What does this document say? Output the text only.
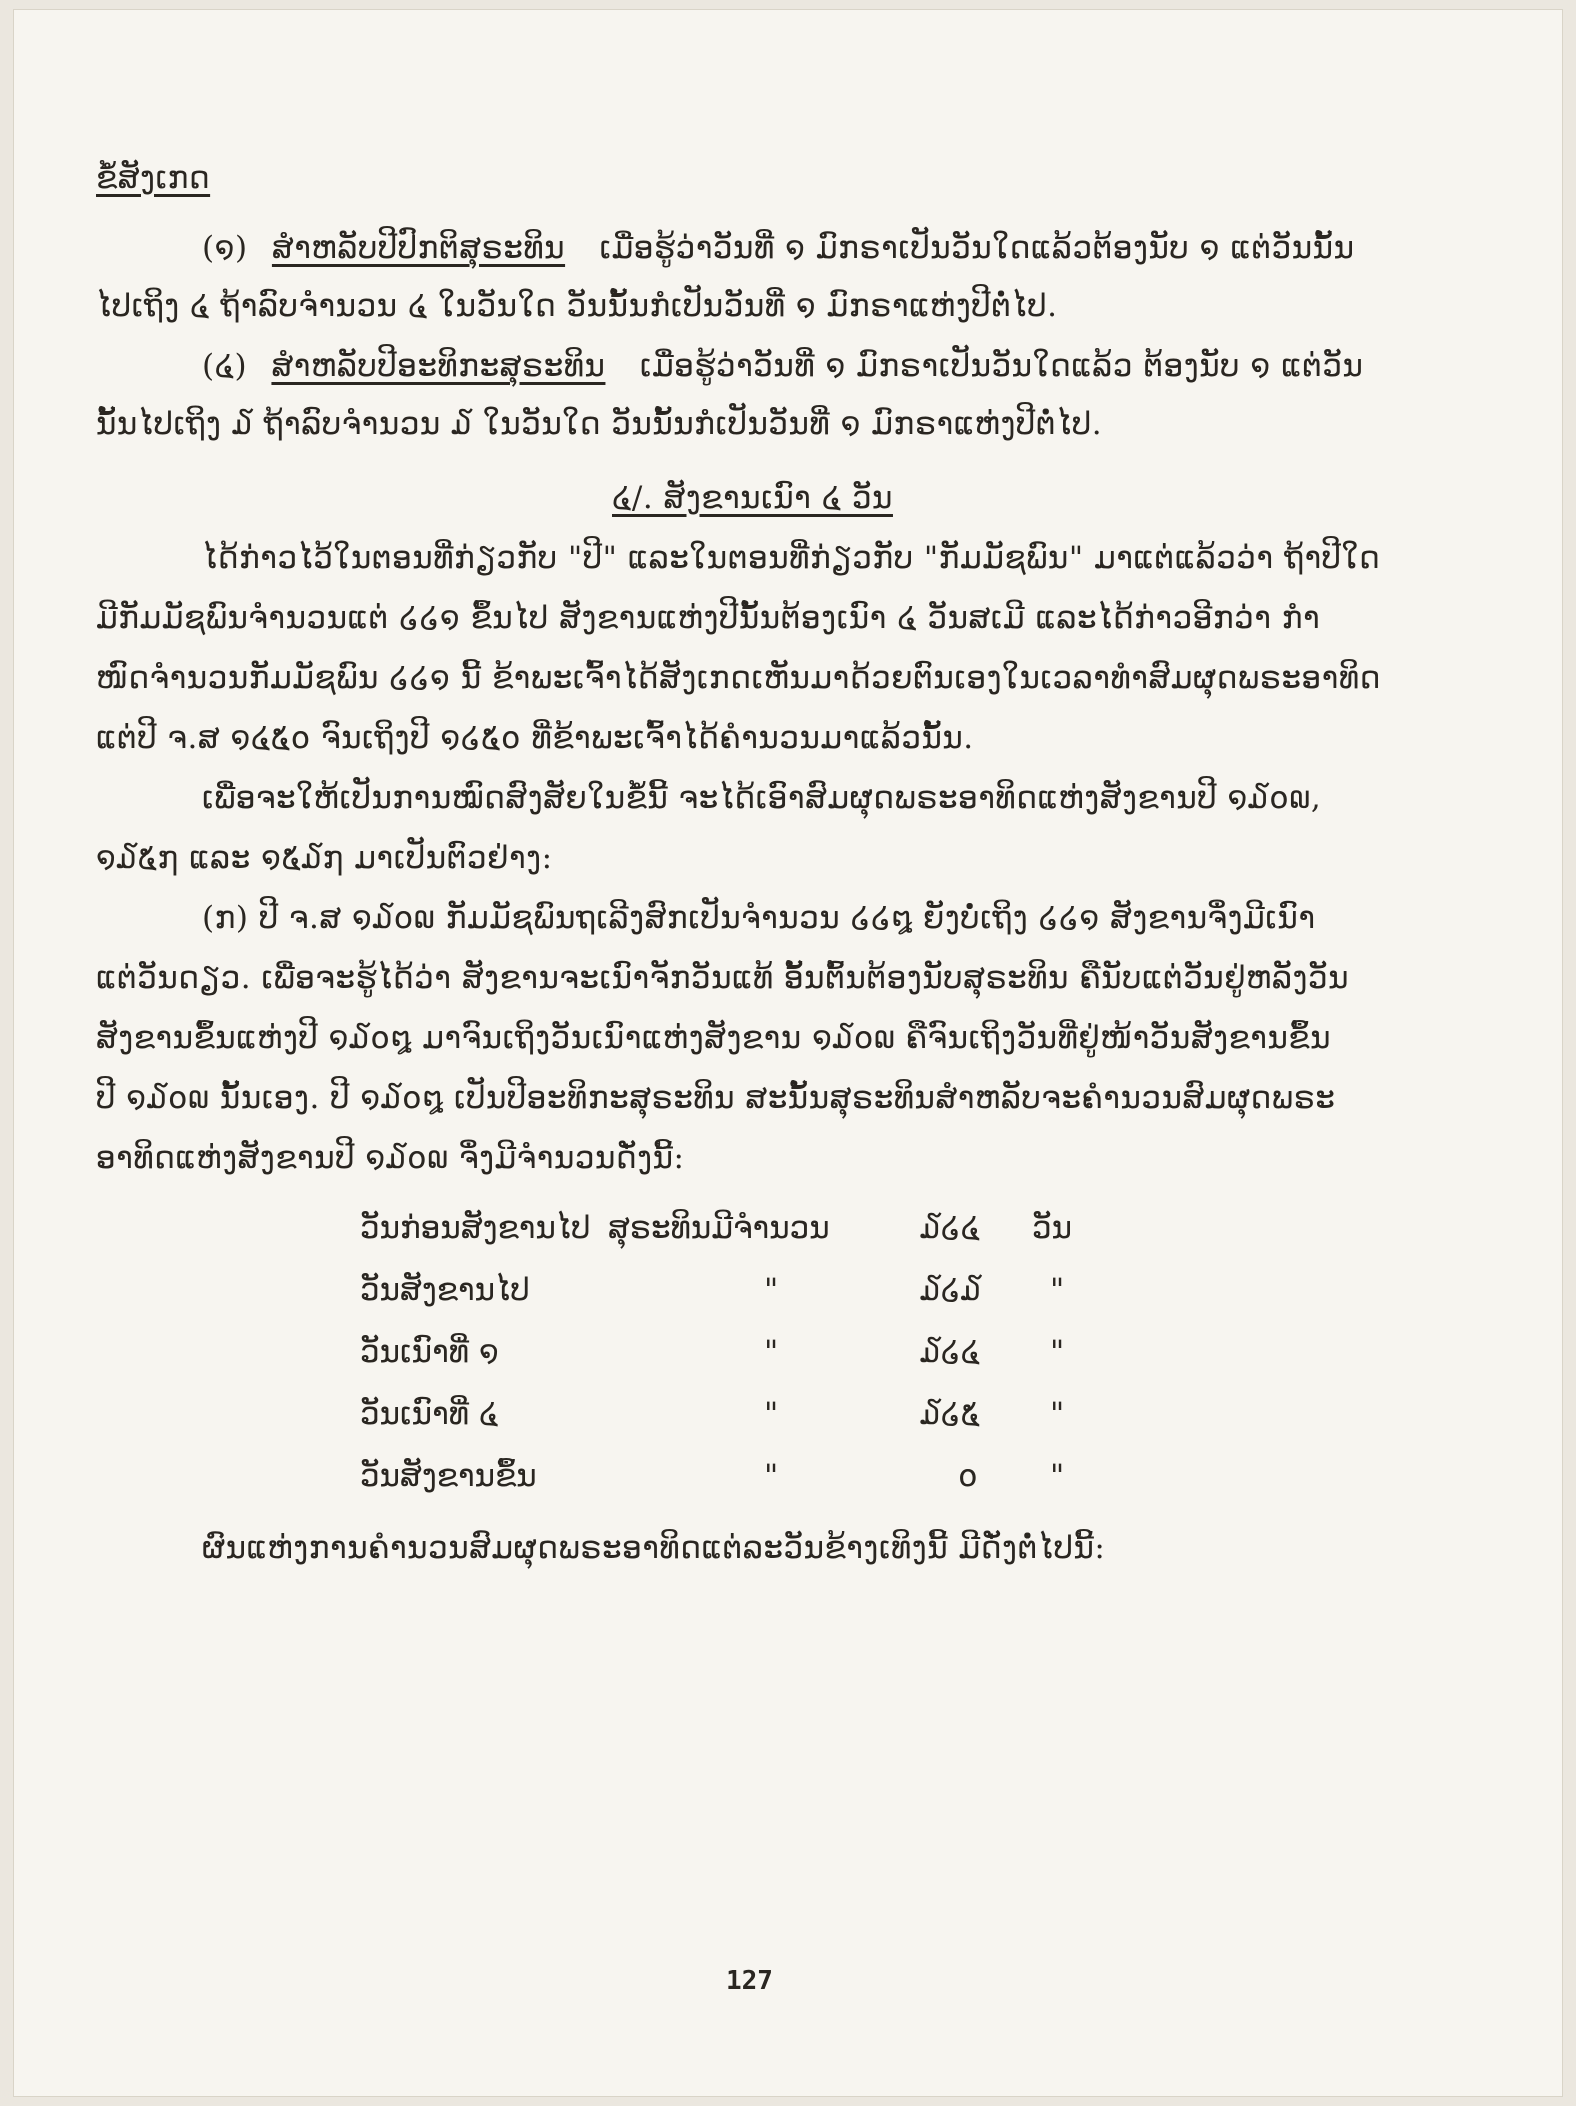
ຂໍ້ສັງເກດ
(໑) ສໍາຫລັບປີປົກຕິສຸຣະທິນ ເມື່ອຮູ້ວ່າວັນທີ່ ໑ ມົກຣາເປັນວັນໃດແລ້ວຕ້ອງນັບ ໑ ແຕ່ວັນນັ້ນ
ໄປເຖິງ ໔ ຖ້າລົບຈໍານວນ ໔ ໃນວັນໃດ ວັນນັ້ນກໍເປັນວັນທີ່ ໑ ມົກຣາແຫ່ງປີຕໍ່ໄປ.
(໔) ສໍາຫລັບປີອະທິກະສຸຣະທິນ ເມື່ອຮູ້ວ່າວັນທີ່ ໑ ມົກຣາເປັນວັນໃດແລ້ວ ຕ້ອງນັບ ໑ ແຕ່ວັນ
ນັ້ນໄປເຖິງ ໓ ຖ້າລົບຈໍານວນ ໓ ໃນວັນໃດ ວັນນັ້ນກໍເປັນວັນທີ່ ໑ ມົກຣາແຫ່ງປີຕໍ່ໄປ.
໔/. ສັງຂານເນົາ ໔ ວັນ
ໄດ້ກ່າວໄວ້ໃນຕອນທີ່ກ່ຽວກັບ "ປີ" ແລະໃນຕອນທີ່ກ່ຽວກັບ "ກັມມັຊພົນ" ມາແຕ່ແລ້ວວ່າ ຖ້າປີໃດ
ມີກັມມັຊພົນຈໍານວນແຕ່ ໒໒໑ ຂຶ້ນໄປ ສັງຂານແຫ່ງປີນັ້ນຕ້ອງເນົາ ໔ ວັນສເມີ ແລະໄດ້ກ່າວອີກວ່າ ກໍາ
ໜົດຈໍານວນກັມມັຊພົນ ໒໒໑ ນີ້ ຂ້າພະເຈົ້າໄດ້ສັງເກດເຫັນມາດ້ວຍຕົນເອງໃນເວລາທໍາສົມຜຸດພຣະອາທິດ
ແຕ່ປີ ຈ.ສ ໑໔໕໐ ຈົນເຖິງປີ ໑໒໕໐ ທີ່ຂ້າພະເຈົ້າໄດ້ຄໍານວນມາແລ້ວນັ້ນ.
ເພື່ອຈະໃຫ້ເປັນການໝົດສົງສັຍໃນຂໍ້ນີ້ ຈະໄດ້ເອົາສົມຜຸດພຣະອາທິດແຫ່ງສັງຂານປີ ໑໓໐໙,
໑໓໕໗ ແລະ ໑໕໓໗ ມາເປັນຕົວຢ່າງ:
(ກ) ປີ ຈ.ສ ໑໓໐໙ ກັມມັຊພົນຖເລີງສົກເປັນຈໍານວນ ໒໒໘ ຍັງບໍ່ເຖິງ ໒໒໑ ສັງຂານຈຶ່ງມີເນົາ
ແຕ່ວັນດຽວ. ເພື່ອຈະຮູ້ໄດ້ວ່າ ສັງຂານຈະເນົາຈັກວັນແທ້ ອັ້ນຕົ້ນຕ້ອງນັບສຸຣະທິນ ຄືນັບແຕ່ວັນຢູ່ຫລັງວັນ
ສັງຂານຂຶ້ນແຫ່ງປີ ໑໓໐໘ ມາຈົນເຖິງວັນເນົາແຫ່ງສັງຂານ ໑໓໐໙ ຄືຈົນເຖິງວັນທີ່ຢູ່ໜ້າວັນສັງຂານຂຶ້ນ
ປີ ໑໓໐໙ ນັ້ນເອງ. ປີ ໑໓໐໘ ເປັນປີອະທິກະສຸຣະທິນ ສະນັ້ນສຸຣະທິນສໍາຫລັບຈະຄໍານວນສົມຜຸດພຣະ
ອາທິດແຫ່ງສັງຂານປີ ໑໓໐໙ ຈຶ່ງມີຈໍານວນດັ່ງນີ້:
ວັນກ່ອນສັງຂານໄປ ສຸຣະທິນມີຈໍານວນ	໓໒໔ ວັນ
ວັນສັງຂານໄປ	"	໓໒໓ "
ວັນເນົາທີ່ ໑	"	໓໒໔ "
ວັນເນົາທີ່ ໔	"	໓໒໕ "
ວັນສັງຂານຂຶ້ນ	"	໐ "
ຜົນແຫ່ງການຄໍານວນສົມຜຸດພຣະອາທິດແຕ່ລະວັນຂ້າງເທິງນີ້ ມີດັ່ງຕໍ່ໄປນີ້:
127
